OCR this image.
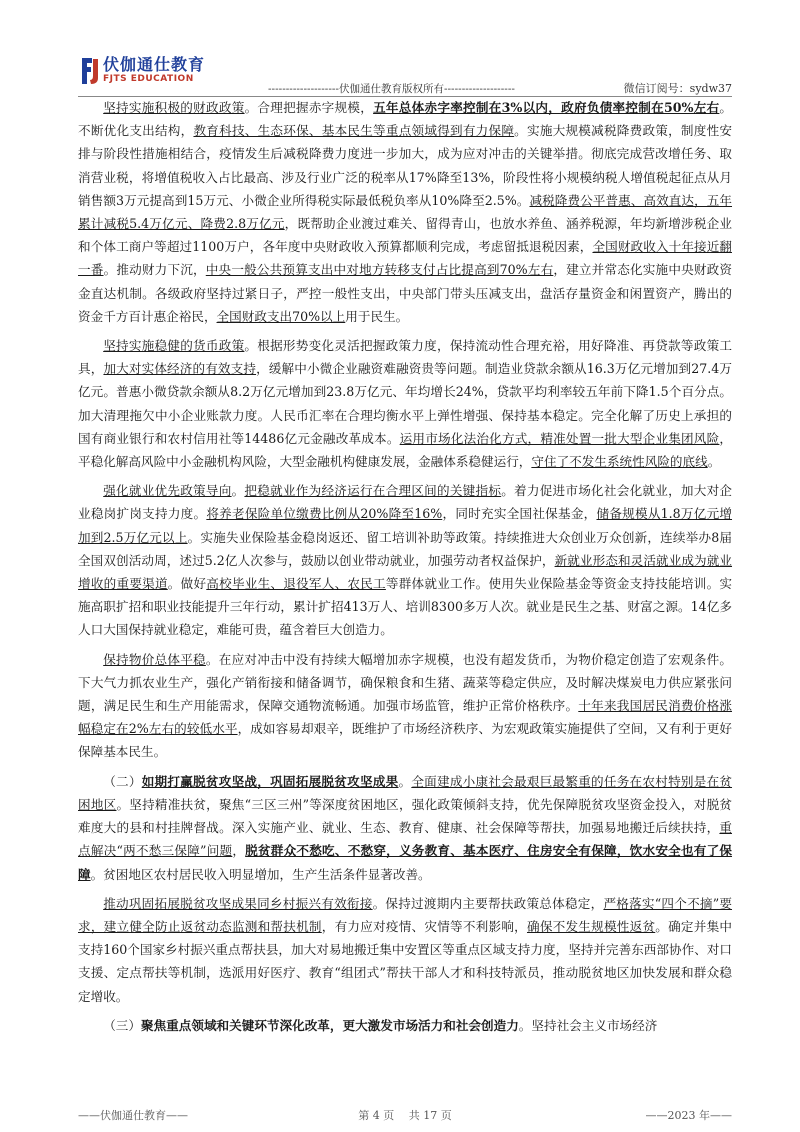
伏伽通仕教育
FJTS EDUCATION
--------------------伏伽通仕教育版权所有--------------------	微信订阅号：sydw37

坚持实施积极的财政政策。合理把握赤字规模，五年总体赤字率控制在3%以内，政府负债率控制在50%左右。不断优化支出结构，教育科技、生态环保、基本民生等重点领域得到有力保障。实施大规模减税降费政策，制度性安排与阶段性措施相结合，疫情发生后减税降费力度进一步加大，成为应对冲击的关键举措。彻底完成营改增任务、取消营业税，将增值税收入占比最高、涉及行业广泛的税率从17%降至13%，阶段性将小规模纳税人增值税起征点从月销售额3万元提高到15万元、小微企业所得税实际最低税负率从10%降至2.5%。减税降费公平普惠、高效直达，五年累计减税5.4万亿元、降费2.8万亿元，既帮助企业渡过难关、留得青山，也放水养鱼、涵养税源，年均新增涉税企业和个体工商户等超过1100万户，各年度中央财政收入预算都顺利完成，考虑留抵退税因素，全国财政收入十年接近翻一番。推动财力下沉，中央一般公共预算支出中对地方转移支付占比提高到70%左右，建立并常态化实施中央财政资金直达机制。各级政府坚持过紧日子，严控一般性支出，中央部门带头压减支出，盘活存量资金和闲置资产，腾出的资金千方百计惠企裕民，全国财政支出70%以上用于民生。

坚持实施稳健的货币政策。根据形势变化灵活把握政策力度，保持流动性合理充裕，用好降准、再贷款等政策工具，加大对实体经济的有效支持，缓解中小微企业融资难融资贵等问题。制造业贷款余额从16.3万亿元增加到27.4万亿元。普惠小微贷款余额从8.2万亿元增加到23.8万亿元、年均增长24%，贷款平均利率较五年前下降1.5个百分点。加大清理拖欠中小企业账款力度。人民币汇率在合理均衡水平上弹性增强、保持基本稳定。完全化解了历史上承担的国有商业银行和农村信用社等14486亿元金融改革成本。运用市场化法治化方式，精准处置一批大型企业集团风险，平稳化解高风险中小金融机构风险，大型金融机构健康发展，金融体系稳健运行，守住了不发生系统性风险的底线。

强化就业优先政策导向。把稳就业作为经济运行在合理区间的关键指标。着力促进市场化社会化就业，加大对企业稳岗扩岗支持力度。将养老保险单位缴费比例从20%降至16%，同时充实全国社保基金，储备规模从1.8万亿元增加到2.5万亿元以上。实施失业保险基金稳岗返还、留工培训补助等政策。持续推进大众创业万众创新，连续举办8届全国双创活动周，述过5.2亿人次参与，鼓励以创业带动就业，加强劳动者权益保护，新就业形态和灵活就业成为就业增收的重要渠道。做好高校毕业生、退役军人、农民工等群体就业工作。使用失业保险基金等资金支持技能培训。实施高职扩招和职业技能提升三年行动，累计扩招413万人、培训8300多万人次。就业是民生之基、财富之源。14亿多人口大国保持就业稳定，难能可贵，蕴含着巨大创造力。

保持物价总体平稳。在应对冲击中没有持续大幅增加赤字规模，也没有超发货币，为物价稳定创造了宏观条件。下大气力抓农业生产，强化产销衔接和储备调节，确保粮食和生猪、蔬菜等稳定供应，及时解决煤炭电力供应紧张问题，满足民生和生产用能需求，保障交通物流畅通。加强市场监管，维护正常价格秩序。十年来我国居民消费价格涨幅稳定在2%左右的较低水平，成如容易却艰辛，既维护了市场经济秩序、为宏观政策实施提供了空间，又有利于更好保障基本民生。

（二）如期打赢脱贫攻坚战，巩固拓展脱贫攻坚成果。全面建成小康社会最艰巨最繁重的任务在农村特别是在贫困地区。坚持精准扶贫，聚焦“三区三州”等深度贫困地区，强化政策倾斜支持，优先保障脱贫攻坚资金投入，对脱贫难度大的县和村挂牌督战。深入实施产业、就业、生态、教育、健康、社会保障等帮扶，加强易地搬迁后续扶持，重点解决“两不愁三保障”问题，脱贫群众不愁吃、不愁穿，义务教育、基本医疗、住房安全有保障，饮水安全也有了保障。贫困地区农村居民收入明显增加，生产生活条件显著改善。

推动巩固拓展脱贫攻坚成果同乡村振兴有效衔接。保持过渡期内主要帮扶政策总体稳定，严格落实“四个不摘”要求，建立健全防止返贫动态监测和帮扶机制，有力应对疫情、灾情等不利影响，确保不发生规模性返贫。确定并集中支持160个国家乡村振兴重点帮扶县，加大对易地搬迁集中安置区等重点区域支持力度，坚持并完善东西部协作、对口支援、定点帮扶等机制，选派用好医疗、教育“组团式”帮扶干部人才和科技特派员，推动脱贫地区加快发展和群众稳定增收。

（三）聚焦重点领域和关键环节深化改革，更大激发市场活力和社会创造力。坚持社会主义市场经济

——伏伽通仕教育——	第 4 页　 共 17 页	——2023 年——
